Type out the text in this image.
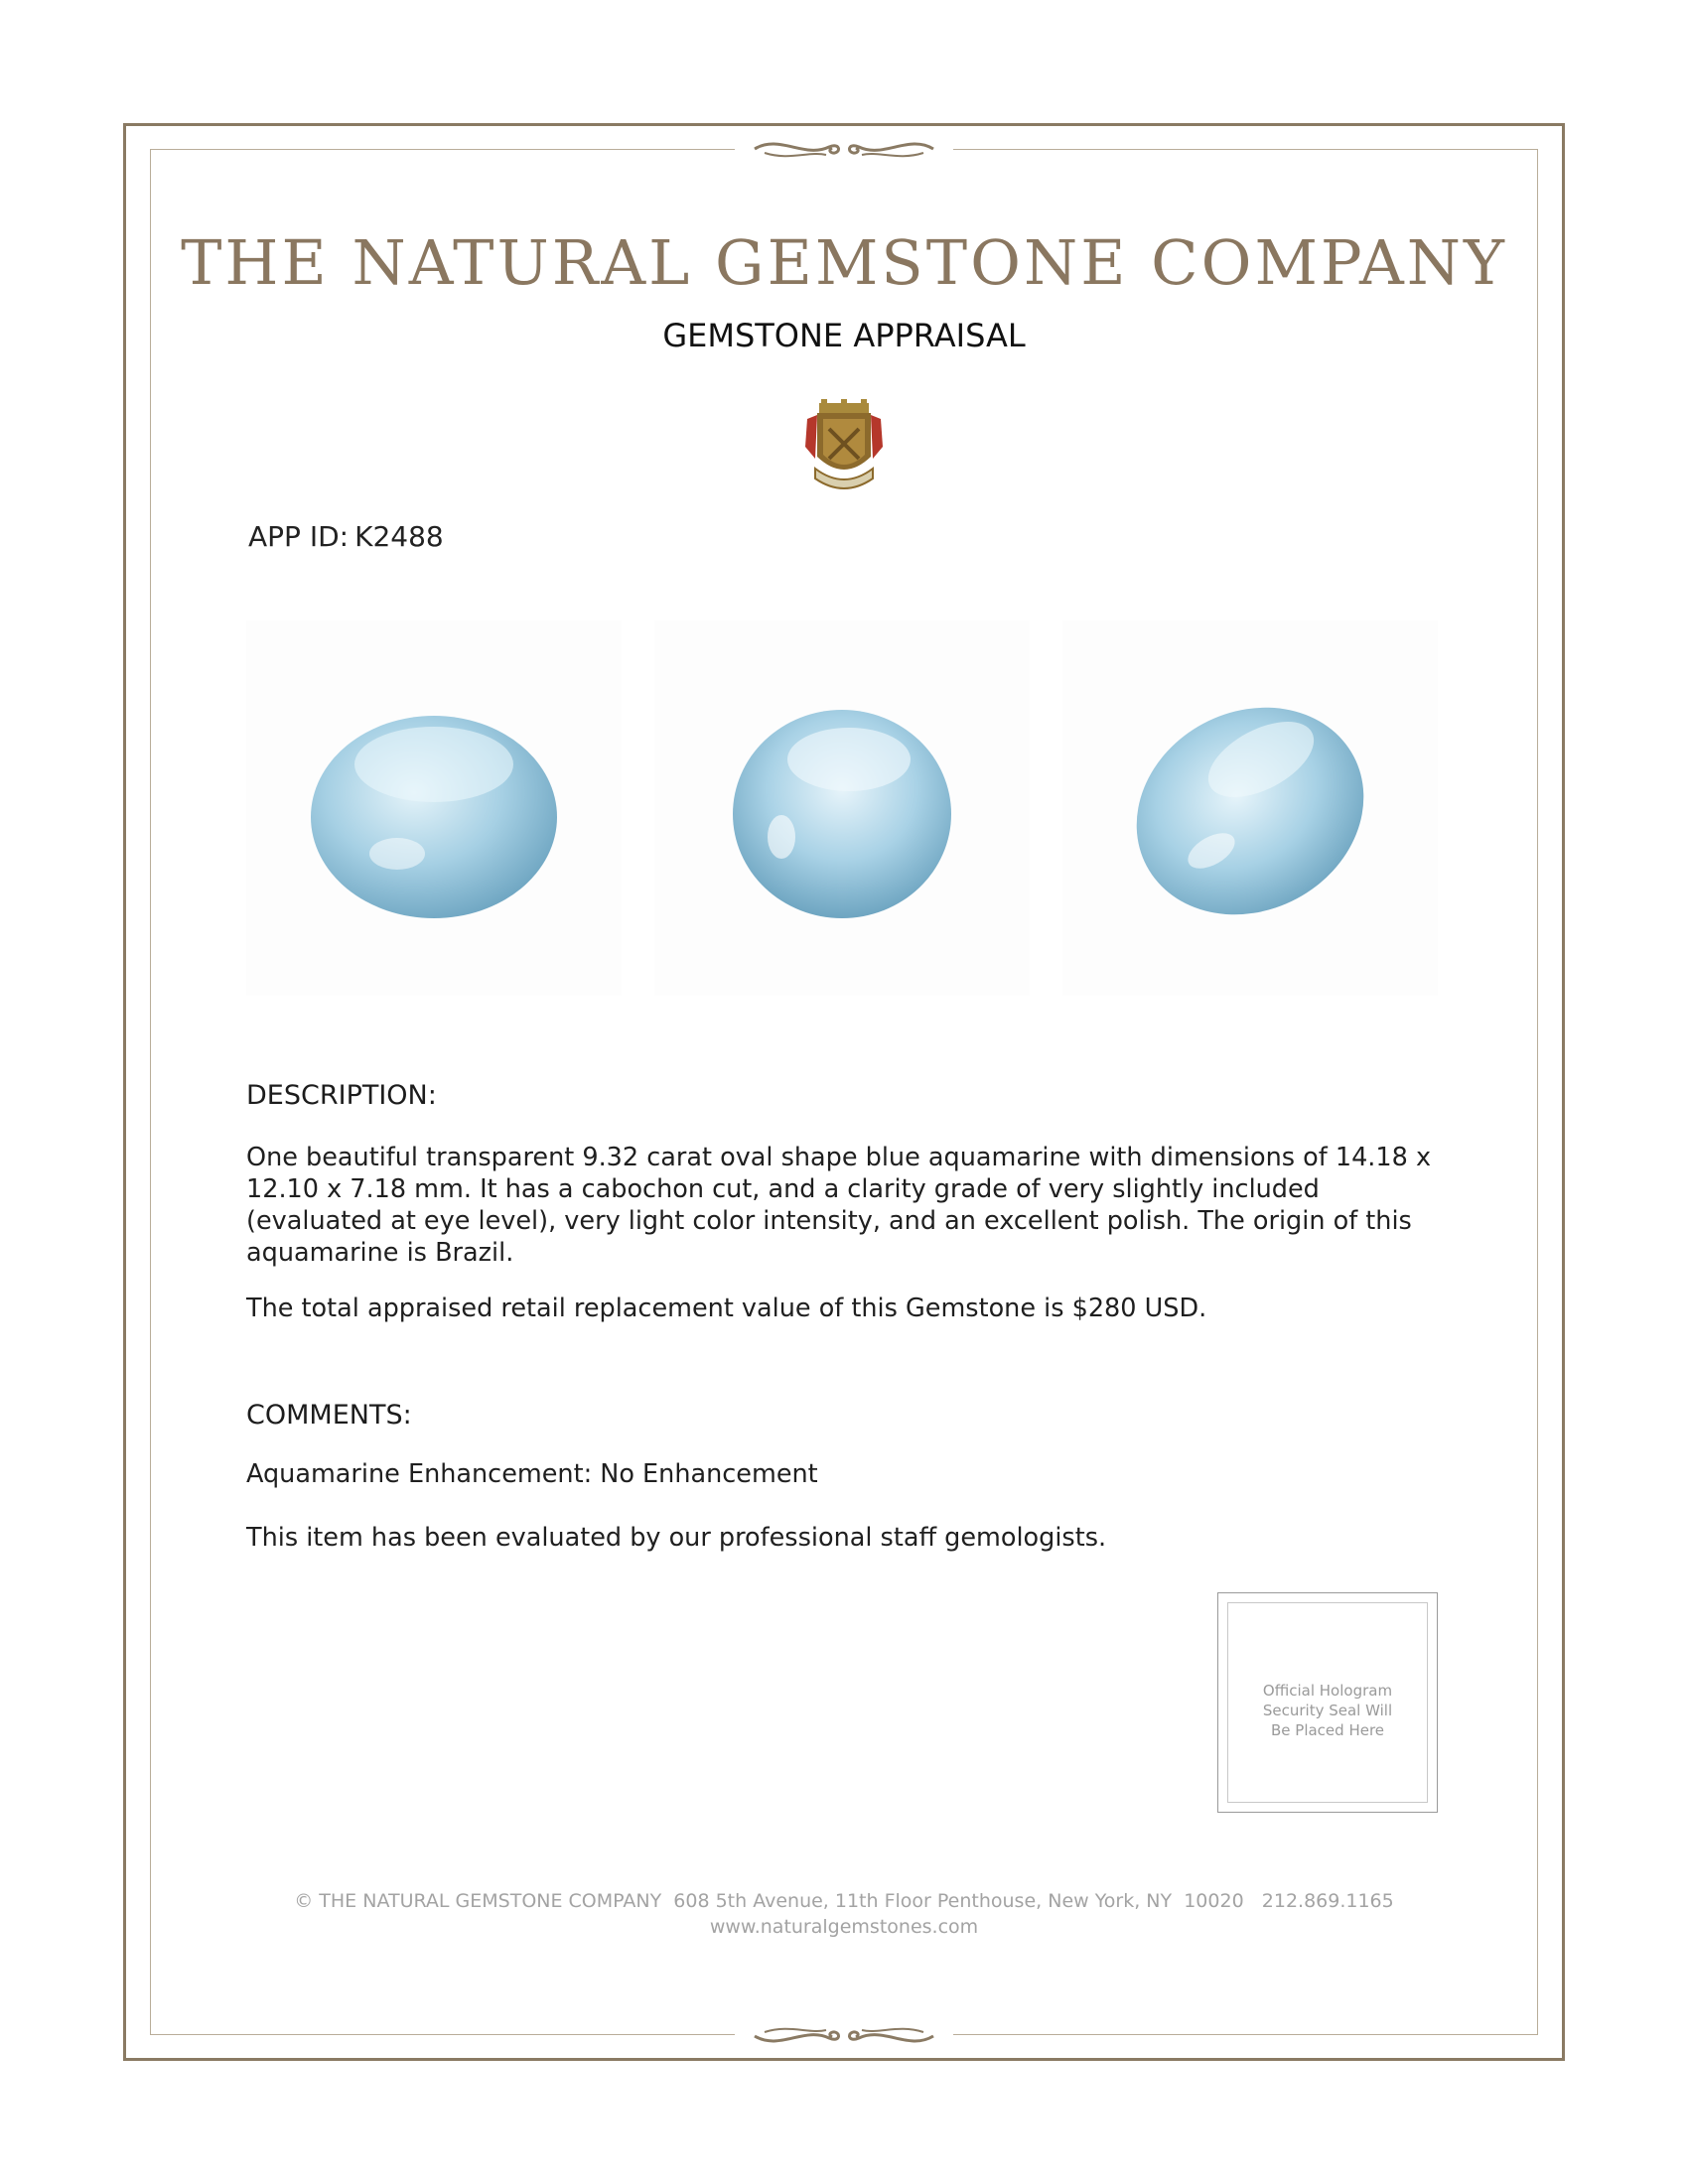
THE NATURAL GEMSTONE COMPANY
GEMSTONE APPRAISAL
APP ID: K2488
DESCRIPTION:
One beautiful transparent 9.32 carat oval shape blue aquamarine with dimensions of 14.18 x 12.10 x 7.18 mm. It has a cabochon cut, and a clarity grade of very slightly included (evaluated at eye level), very light color intensity, and an excellent polish. The origin of this aquamarine is Brazil.
The total appraised retail replacement value of this Gemstone is $280 USD.
COMMENTS:
Aquamarine Enhancement: No Enhancement
This item has been evaluated by our professional staff gemologists.
Official Hologram
Security Seal Will
Be Placed Here
© THE NATURAL GEMSTONE COMPANY  608 5th Avenue, 11th Floor Penthouse, New York, NY  10020   212.869.1165
www.naturalgemstones.com
